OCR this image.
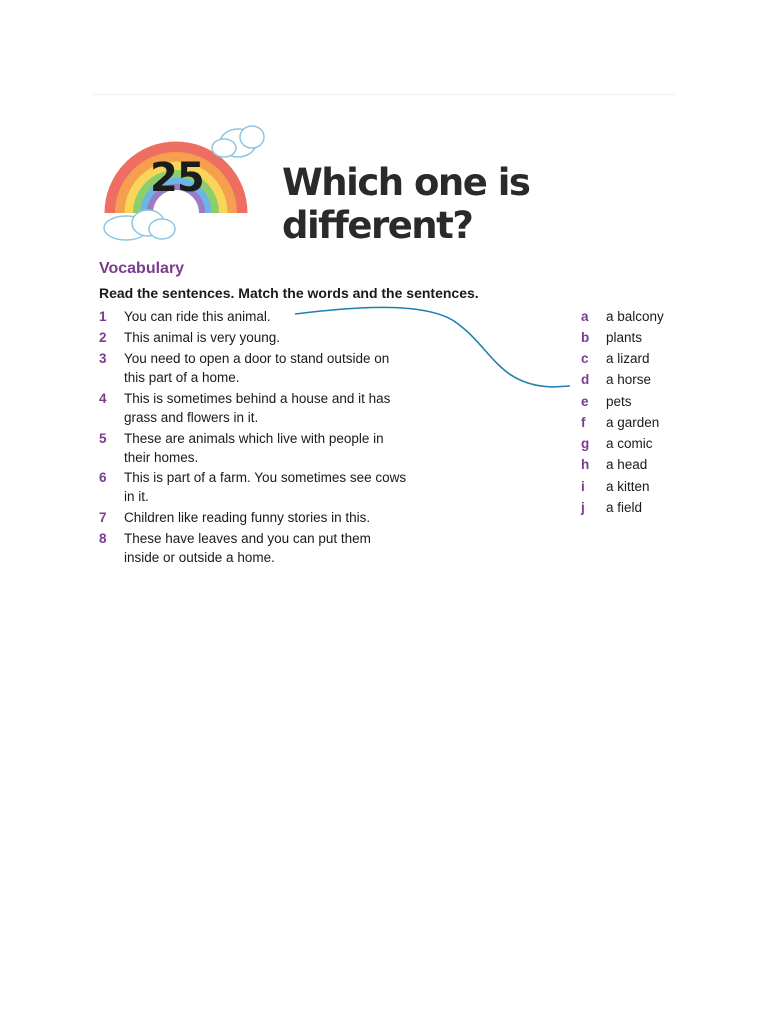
25 Which one is different?
Vocabulary
Read the sentences. Match the words and the sentences.
1	You can ride this animal.
2	This animal is very young.
3	You need to open a door to stand outside on this part of a home.
4	This is sometimes behind a house and it has grass and flowers in it.
5	These are animals which live with people in their homes.
6	This is part of a farm. You sometimes see cows in it.
7	Children like reading funny stories in this.
8	These have leaves and you can put them inside or outside a home.
a a balcony
b plants
c a lizard
d a horse
e pets
f a garden
g a comic
h a head
i a kitten
j a field
